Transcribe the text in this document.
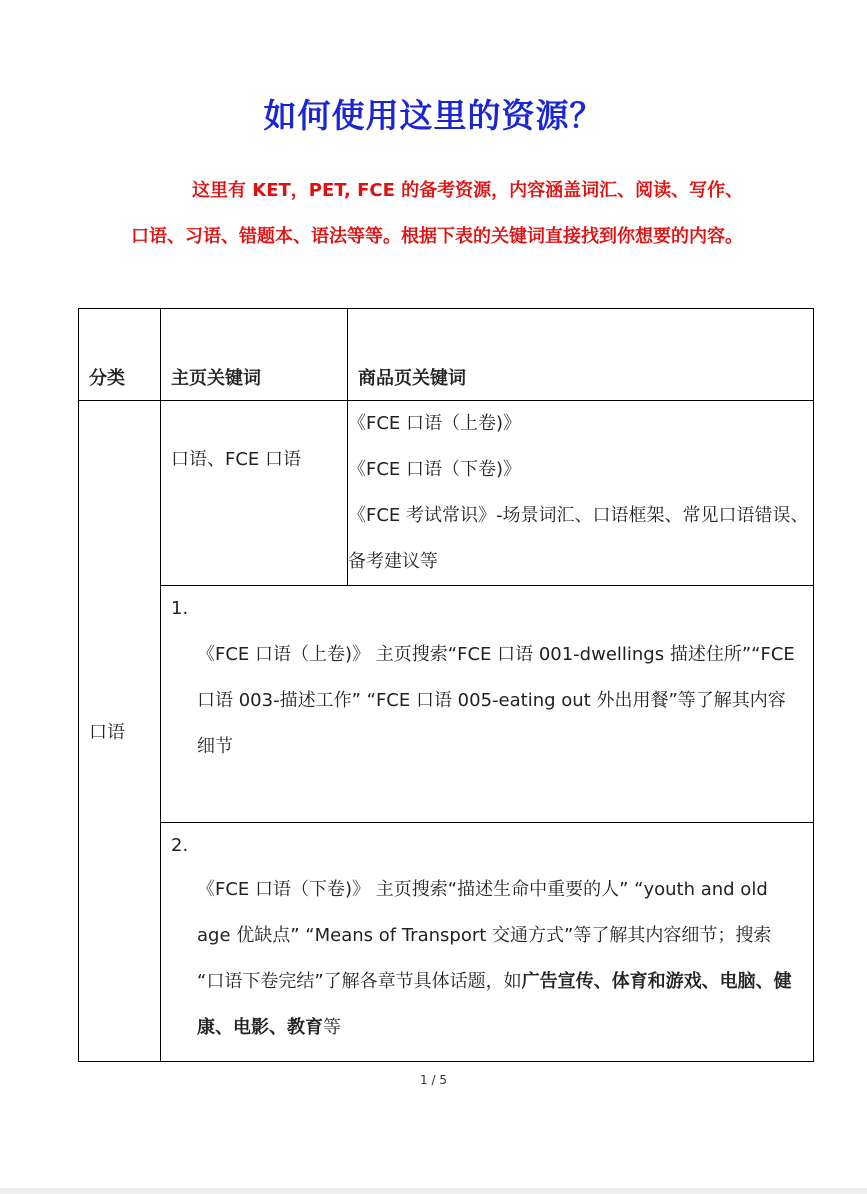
如何使用这里的资源？
这里有 KET，PET, FCE 的备考资源，内容涵盖词汇、阅读、写作、口语、习语、错题本、语法等等。根据下表的关键词直接找到你想要的内容。
分类	主页关键词	商品页关键词

口语	口语、FCE 口语	《FCE 口语（上卷)》
《FCE 口语（下卷)》
《FCE 考试常识》-场景词汇、口语框架、常见口语错误、备考建议等

	1.
《FCE 口语（上卷)》 主页搜索“FCE 口语 001-dwellings 描述住所”“FCE 口语 003-描述工作” “FCE 口语 005-eating out 外出用餐”等了解其内容细节	

	2.
《FCE 口语（下卷)》 主页搜索“描述生命中重要的人” “youth and old age 优缺点” “Means of Transport 交通方式”等了解其内容细节；搜索 “口语下卷完结”了解各章节具体话题，如广告宣传、体育和游戏、电脑、健康、电影、教育等	
1 / 5
